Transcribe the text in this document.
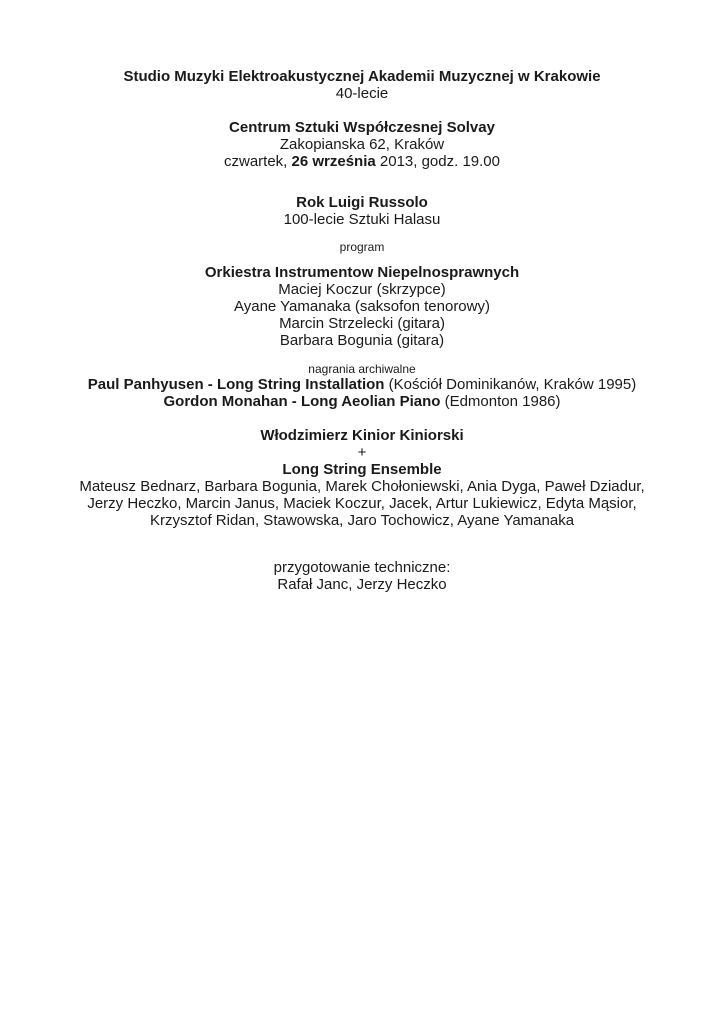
Studio Muzyki Elektroakustycznej Akademii Muzycznej w Krakowie
40-lecie
Centrum Sztuki Współczesnej Solvay
Zakopianska 62, Kraków
czwartek, 26 września 2013, godz. 19.00
Rok Luigi Russolo
100-lecie Sztuki Halasu
program
Orkiestra Instrumentow Niepelnosprawnych
Maciej Koczur (skrzypce)
Ayane Yamanaka (saksofon tenorowy)
Marcin Strzelecki (gitara)
Barbara Bogunia (gitara)
nagrania archiwalne
Paul Panhyusen - Long String Installation (Kościół Dominikanów, Kraków 1995)
Gordon Monahan - Long Aeolian Piano (Edmonton 1986)
Włodzimierz Kinior Kiniorski
+
Long String Ensemble
Mateusz Bednarz, Barbara Bogunia, Marek Chołoniewski, Ania Dyga, Paweł Dziadur,
Jerzy Heczko, Marcin Janus, Maciek Koczur, Jacek, Artur Lukiewicz, Edyta Mąsior,
Krzysztof Ridan, Stawowska, Jaro Tochowicz, Ayane Yamanaka
przygotowanie techniczne:
Rafał Janc, Jerzy Heczko
